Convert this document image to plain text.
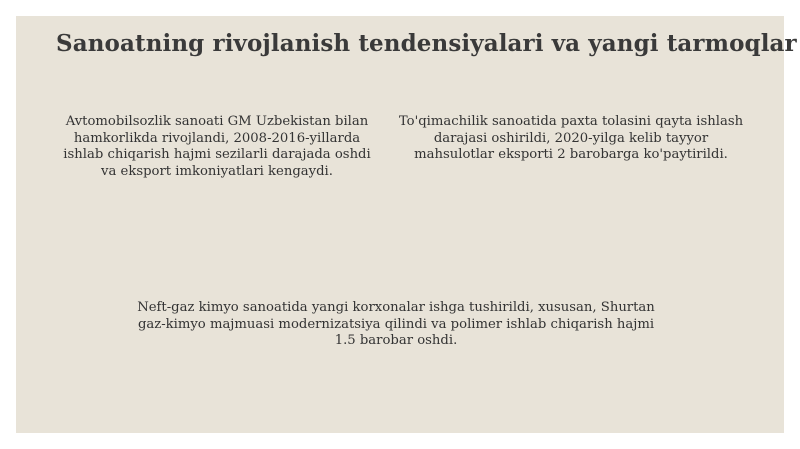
Sanoatning rivojlanish tendensiyalari va yangi tarmoqlar
Avtomobilsozlik sanoati GM Uzbekistan bilan hamkorlikda rivojlandi, 2008-2016-yillarda ishlab chiqarish hajmi sezilarli darajada oshdi va eksport imkoniyatlari kengaydi.
To'qimachilik sanoatida paxta tolasini qayta ishlash darajasi oshirildi, 2020-yilga kelib tayyor mahsulotlar eksporti 2 barobarga ko'paytirildi.
Neft-gaz kimyo sanoatida yangi korxonalar ishga tushirildi, xususan, Shurtan gaz-kimyo majmuasi modernizatsiya qilindi va polimer ishlab chiqarish hajmi 1.5 barobar oshdi.
